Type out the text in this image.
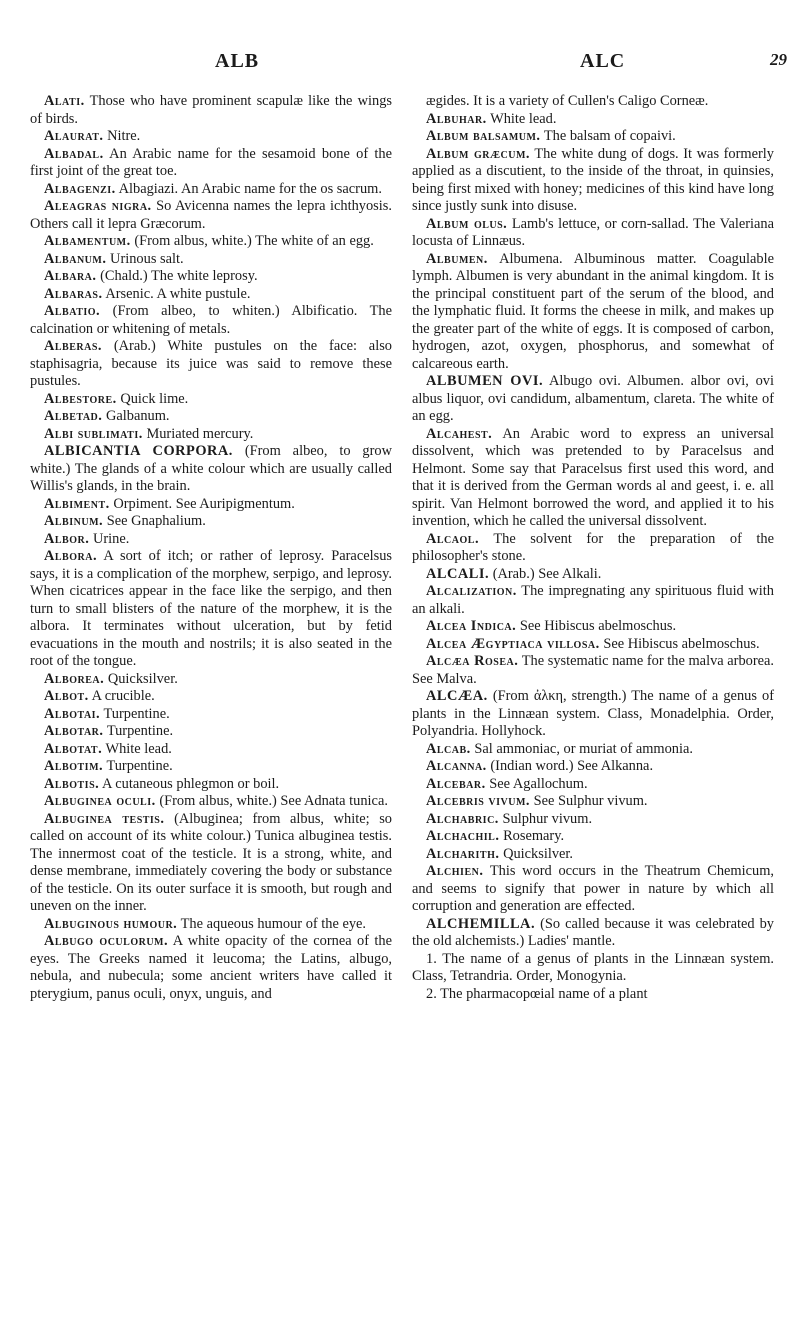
ALB	ALC	29

Alati. Those who have prominent scapulæ like the wings of birds.

Alaurat. Nitre.

Albadal. An Arabic name for the sesamoid bone of the first joint of the great toe.

Albagenzi. Albagiazi. An Arabic name for the os sacrum.

Aleagras nigra. So Avicenna names the lepra ichthyosis. Others call it lepra Græcorum.

Albamentum. (From albus, white.) The white of an egg.

Albanum. Urinous salt.

Albara. (Chald.) The white leprosy.

Albaras. Arsenic. A white pustule.

Albatio. (From albeo, to whiten.) Albificatio. The calcination or whitening of metals.

Alberas. (Arab.) White pustules on the face: also staphisagria, because its juice was said to remove these pustules.

Albestore. Quick lime.

Albetad. Galbanum.

Albi sublimati. Muriated mercury.

ALBICANTIA CORPORA. (From albeo, to grow white.) The glands of a white colour which are usually called Willis's glands, in the brain.

Albiment. Orpiment. See Auripigmentum.

Albinum. See Gnaphalium.

Albor. Urine.

Albora. A sort of itch; or rather of leprosy. Paracelsus says, it is a complication of the morphew, serpigo, and leprosy. When cicatrices appear in the face like the serpigo, and then turn to small blisters of the nature of the morphew, it is the albora. It terminates without ulceration, but by fetid evacuations in the mouth and nostrils; it is also seated in the root of the tongue.

Alborea. Quicksilver.

Albot. A crucible.

Albotai. Turpentine.

Albotar. Turpentine.

Albotat. White lead.

Albotim. Turpentine.

Albotis. A cutaneous phlegmon or boil.

Albuginea oculi. (From albus, white.) See Adnata tunica.

Albuginea testis. (Albuginea; from albus, white; so called on account of its white colour.) Tunica albuginea testis. The innermost coat of the testicle. It is a strong, white, and dense membrane, immediately covering the body or substance of the testicle. On its outer surface it is smooth, but rough and uneven on the inner.

Albuginous humour. The aqueous humour of the eye.

Albugo oculorum. A white opacity of the cornea of the eyes. The Greeks named it leucoma; the Latins, albugo, nebula, and nubecula; some ancient writers have called it pterygium, panus oculi, onyx, unguis, and

ægides. It is a variety of Cullen's Caligo Corneæ.

Albuhar. White lead.

Album balsamum. The balsam of copaivi.

Album græcum. The white dung of dogs. It was formerly applied as a discutient, to the inside of the throat, in quinsies, being first mixed with honey; medicines of this kind have long since justly sunk into disuse.

Album olus. Lamb's lettuce, or corn-sallad. The Valeriana locusta of Linnæus.

Albumen. Albumena. Albuminous matter. Coagulable lymph. Albumen is very abundant in the animal kingdom. It is the principal constituent part of the serum of the blood, and the lymphatic fluid. It forms the cheese in milk, and makes up the greater part of the white of eggs. It is composed of carbon, hydrogen, azot, oxygen, phosphorus, and somewhat of calcareous earth.

ALBUMEN OVI. Albugo ovi. Albumen. albor ovi, ovi albus liquor, ovi candidum, albamentum, clareta. The white of an egg.

Alcahest. An Arabic word to express an universal dissolvent, which was pretended to by Paracelsus and Helmont. Some say that Paracelsus first used this word, and that it is derived from the German words al and geest, i. e. all spirit. Van Helmont borrowed the word, and applied it to his invention, which he called the universal dissolvent.

Alcaol. The solvent for the preparation of the philosopher's stone.

ALCALI. (Arab.) See Alkali.

Alcalization. The impregnating any spirituous fluid with an alkali.

Alcea Indica. See Hibiscus abelmoschus.

Alcea Ægyptiaca villosa. See Hibiscus abelmoschus.

Alcæa Rosea. The systematic name for the malva arborea. See Malva.

ALCÆA. (From ἀλκη, strength.) The name of a genus of plants in the Linnæan system. Class, Monadelphia. Order, Polyandria. Hollyhock.

Alcab. Sal ammoniac, or muriat of ammonia.

Alcanna. (Indian word.) See Alkanna.

Alcebar. See Agallochum.

Alcebris vivum. See Sulphur vivum.

Alchabric. Sulphur vivum.

Alchachil. Rosemary.

Alcharith. Quicksilver.

Alchien. This word occurs in the Theatrum Chemicum, and seems to signify that power in nature by which all corruption and generation are effected.

ALCHEMILLA. (So called because it was celebrated by the old alchemists.) Ladies' mantle.

1. The name of a genus of plants in the Linnæan system. Class, Tetrandria. Order, Monogynia.

2. The pharmacopœial name of a plant
